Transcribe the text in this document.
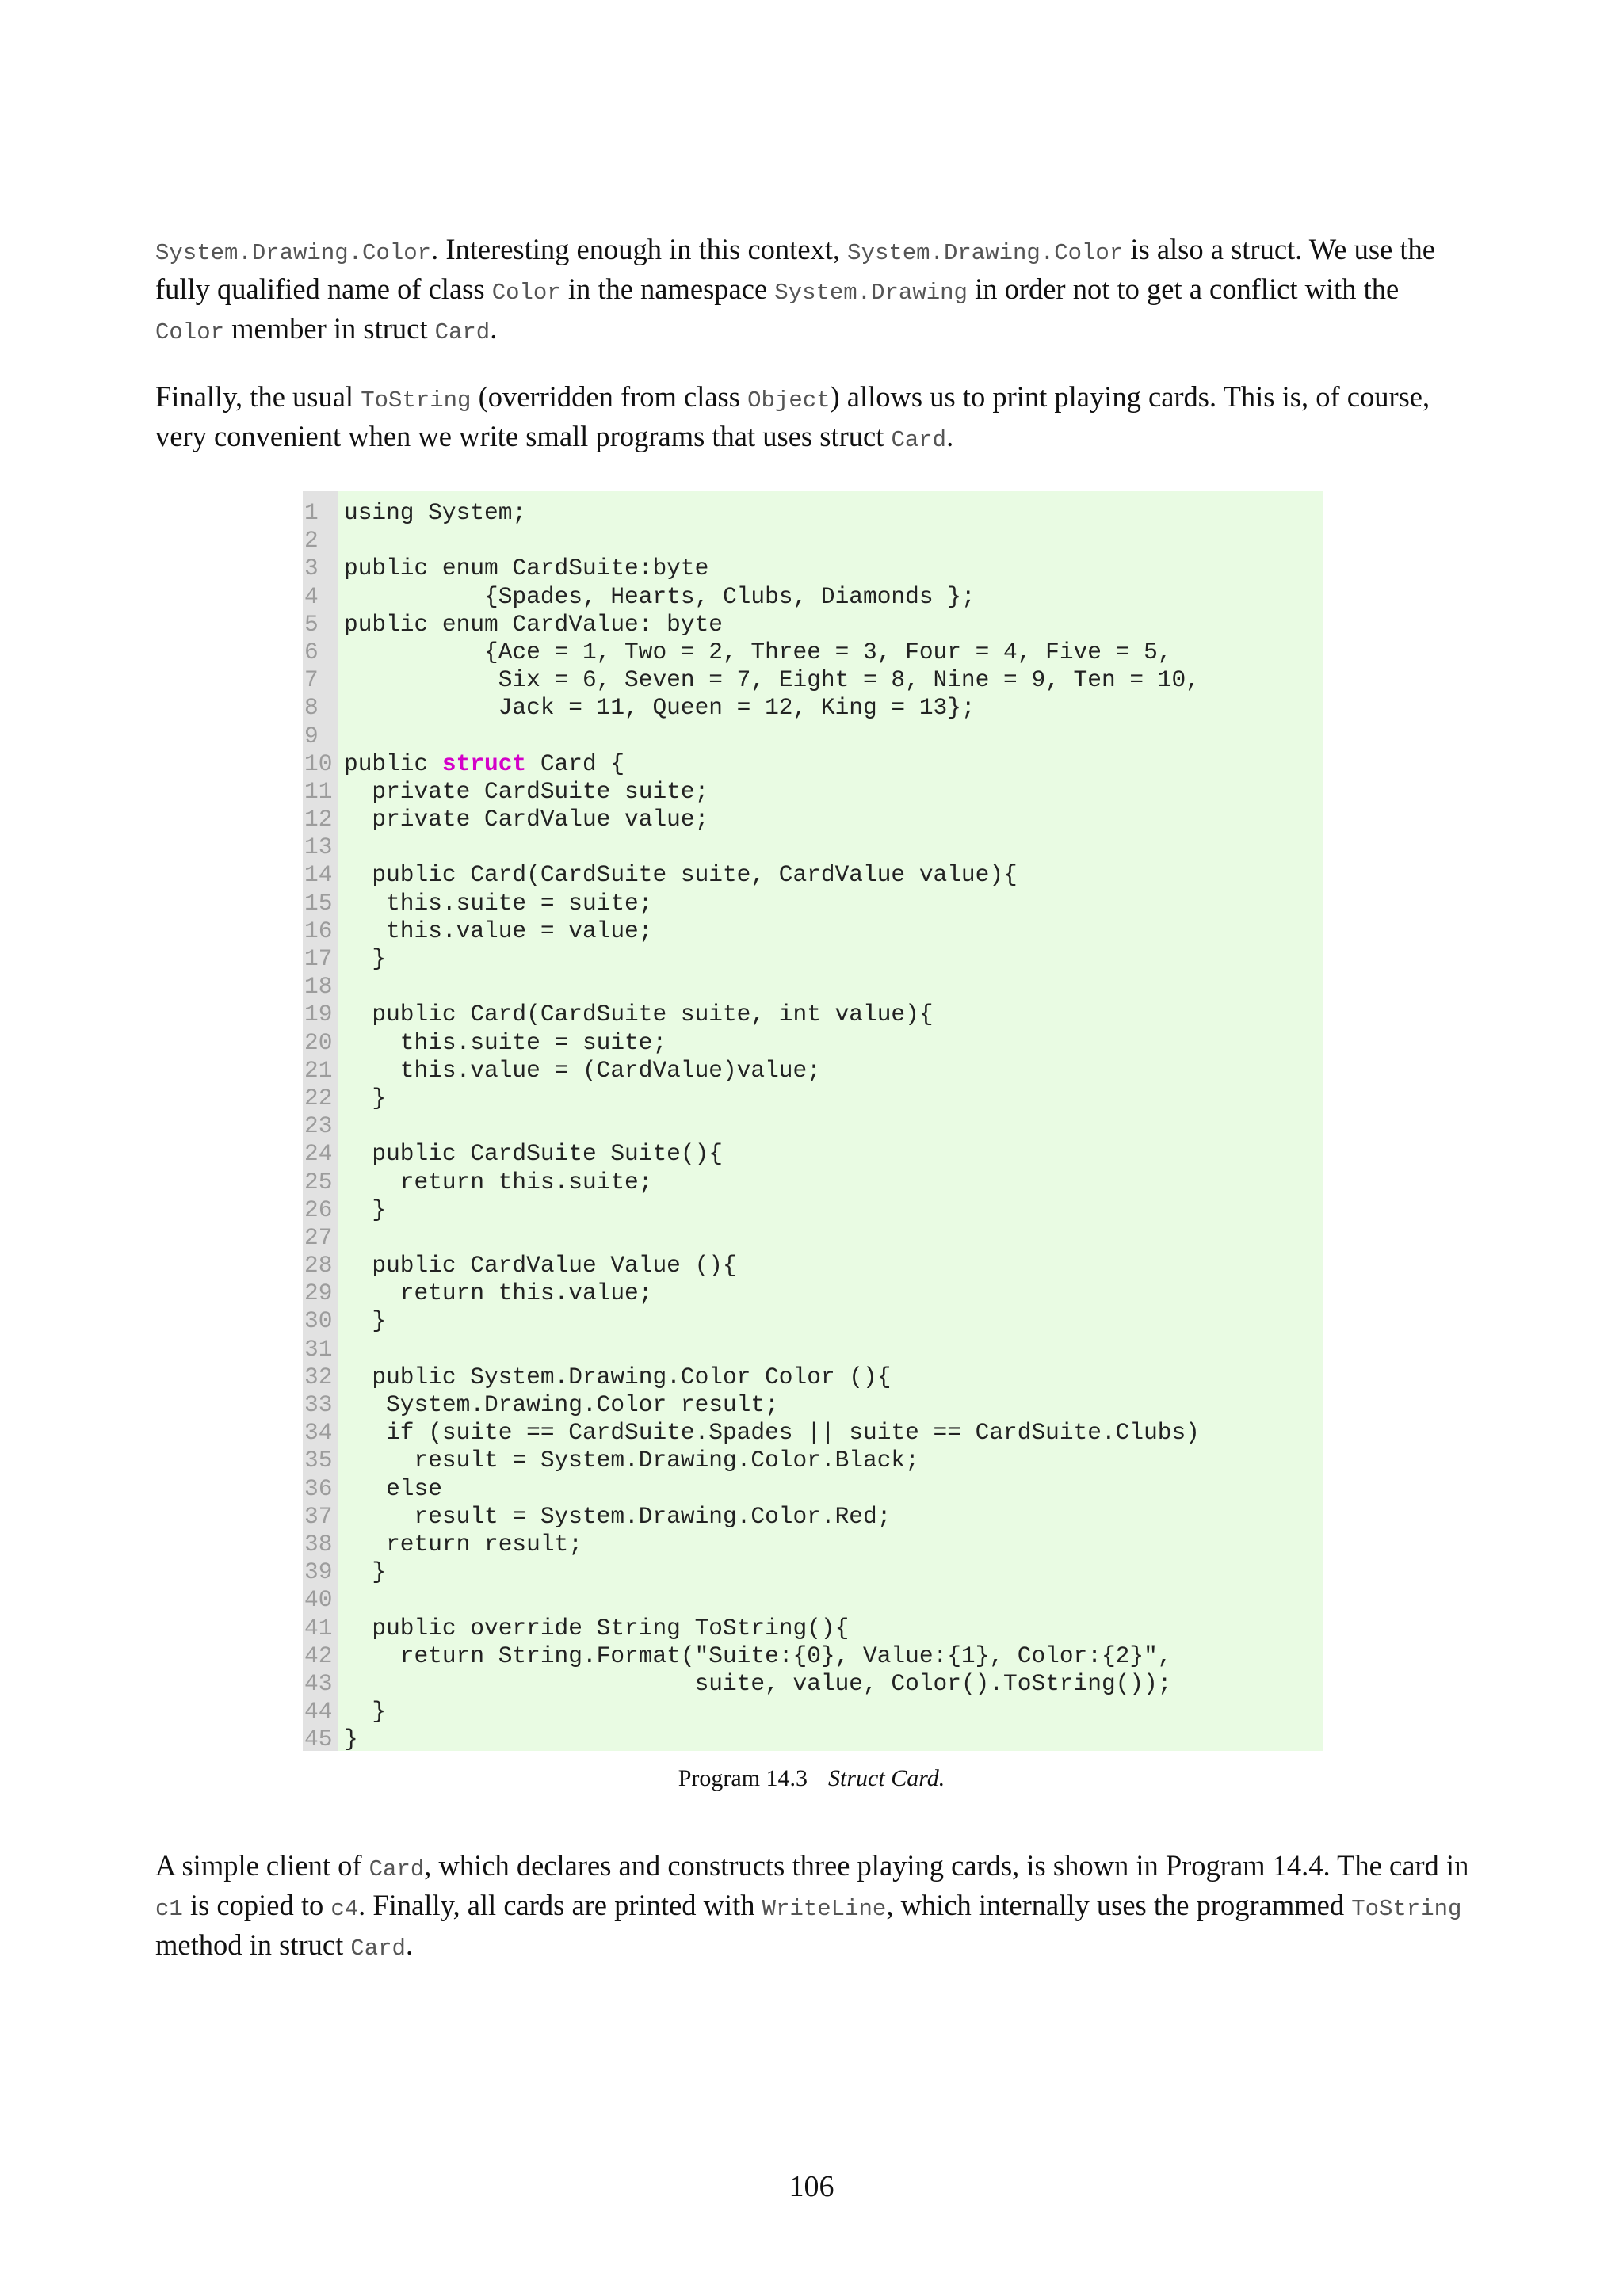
System.Drawing.Color. Interesting enough in this context, System.Drawing.Color is also a struct. We use the fully qualified name of class Color in the namespace System.Drawing in order not to get a conflict with the Color member in struct Card.
Finally, the usual ToString (overridden from class Object) allows us to print playing cards. This is, of course, very convenient when we write small programs that uses struct Card.
1	using System;
2
3	public enum CardSuite:byte
4	{Spades, Hearts, Clubs, Diamonds };
5	public enum CardValue: byte
6	{Ace = 1, Two = 2, Three = 3, Four = 4, Five = 5,
7	Six = 6, Seven = 7, Eight = 8, Nine = 9, Ten = 10,
8	Jack = 11, Queen = 12, King = 13};
9
10 public struct Card {
11 private CardSuite suite;
12 private CardValue value;
13
14 public Card(CardSuite suite, CardValue value){
15 this.suite = suite;
16 this.value = value;
17 }
18
19 public Card(CardSuite suite, int value){
20 this.suite = suite;
21 this.value = (CardValue)value;
22 }
23
24 public CardSuite Suite(){
25 return this.suite;
26 }
27
28 public CardValue Value (){
29 return this.value;
30 }
31
32 public System.Drawing.Color Color (){
33 System.Drawing.Color result;
34 if (suite == CardSuite.Spades || suite == CardSuite.Clubs)
35 result = System.Drawing.Color.Black;
36 else
37 result = System.Drawing.Color.Red;
38 return result;
39 }
40
41 public override String ToString(){
42 return String.Format("Suite:{0}, Value:{1}, Color:{2}",
43 suite, value, Color().ToString());
44 }
45 }
Program 14.3 Struct Card.
A simple client of Card, which declares and constructs three playing cards, is shown in Program 14.4. The card in c1 is copied to c4. Finally, all cards are printed with WriteLine, which internally uses the programmed ToString method in struct Card.
106
